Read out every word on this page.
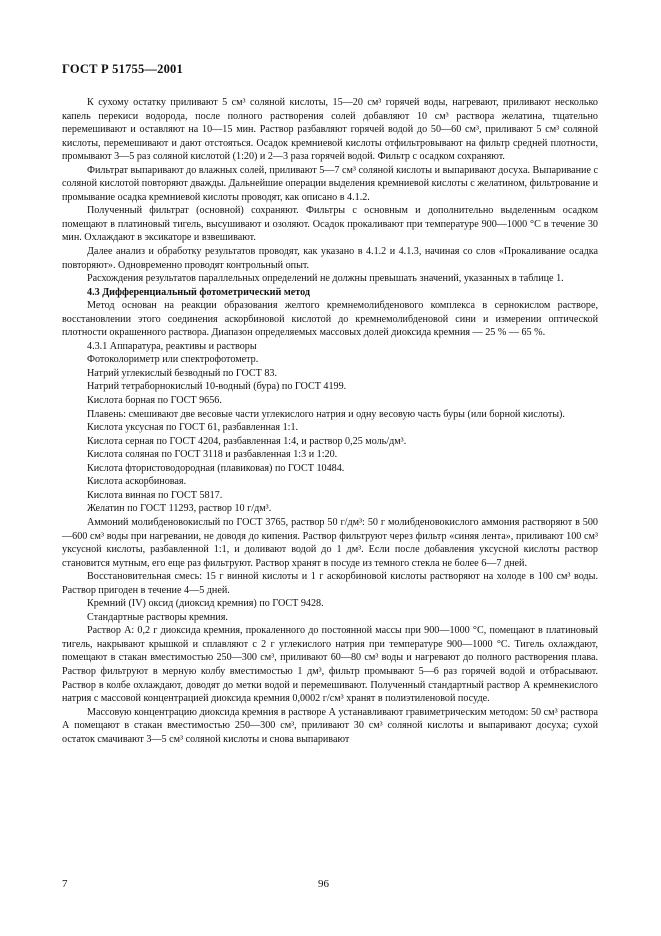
ГОСТ Р 51755—2001

К сухому остатку приливают 5 см³ соляной кислоты, 15—20 см³ горячей воды, нагревают, приливают несколько капель перекиси водорода, после полного растворения солей добавляют 10 см³ раствора желатина, тщательно перемешивают и оставляют на 10—15 мин. Раствор разбавляют горячей водой до 50—60 см³, приливают 5 см³ соляной кислоты, перемешивают и дают отстояться. Осадок кремниевой кислоты отфильтровывают на фильтр средней плотности, промывают 3—5 раз соляной кислотой (1:20) и 2—3 раза горячей водой. Фильтр с осадком сохраняют.

Фильтрат выпаривают до влажных солей, приливают 5—7 см³ соляной кислоты и выпаривают досуха. Выпаривание с соляной кислотой повторяют дважды. Дальнейшие операции выделения кремниевой кислоты с желатином, фильтрование и промывание осадка кремниевой кислоты проводят, как описано в 4.1.2.

Полученный фильтрат (основной) сохраняют. Фильтры с основным и дополнительно выделенным осадком помещают в платиновый тигель, высушивают и озоляют. Осадок прокаливают при температуре 900—1000 °С в течение 30 мин. Охлаждают в эксикаторе и взвешивают.

Далее анализ и обработку результатов проводят, как указано в 4.1.2 и 4.1.3, начиная со слов «Прокаливание осадка повторяют». Одновременно проводят контрольный опыт.

Расхождения результатов параллельных определений не должны превышать значений, указанных в таблице 1.

4.3 Дифференциальный фотометрический метод

Метод основан на реакции образования желтого кремнемолибденового комплекса в сернокислом растворе, восстановлении этого соединения аскорбиновой кислотой до кремнемолибденовой сини и измерении оптической плотности окрашенного раствора. Диапазон определяемых массовых долей диоксида кремния — 25 % — 65 %.

4.3.1 Аппаратура, реактивы и растворы

Фотоколориметр или спектрофотометр.

Натрий углекислый безводный по ГОСТ 83.

Натрий тетраборнокислый 10-водный (бура) по ГОСТ 4199.

Кислота борная по ГОСТ 9656.

Плавень: смешивают две весовые части углекислого натрия и одну весовую часть буры (или борной кислоты).

Кислота уксусная по ГОСТ 61, разбавленная 1:1.

Кислота серная по ГОСТ 4204, разбавленная 1:4, и раствор 0,25 моль/дм³.

Кислота соляная по ГОСТ 3118 и разбавленная 1:3 и 1:20.

Кислота фтористоводородная (плавиковая) по ГОСТ 10484.

Кислота аскорбиновая.

Кислота винная по ГОСТ 5817.

Желатин по ГОСТ 11293, раствор 10 г/дм³.

Аммоний молибденовокислый по ГОСТ 3765, раствор 50 г/дм³: 50 г молибденовокислого аммония растворяют в 500—600 см³ воды при нагревании, не доводя до кипения. Раствор фильтруют через фильтр «синяя лента», приливают 100 см³ уксусной кислоты, разбавленной 1:1, и доливают водой до 1 дм³. Если после добавления уксусной кислоты раствор становится мутным, его еще раз фильтруют. Раствор хранят в посуде из темного стекла не более 6—7 дней.

Восстановительная смесь: 15 г винной кислоты и 1 г аскорбиновой кислоты растворяют на холоде в 100 см³ воды. Раствор пригоден в течение 4—5 дней.

Кремний (IV) оксид (диоксид кремния) по ГОСТ 9428.

Стандартные растворы кремния.

Раствор А: 0,2 г диоксида кремния, прокаленного до постоянной массы при 900—1000 °С, помещают в платиновый тигель, накрывают крышкой и сплавляют с 2 г углекислого натрия при температуре 900—1000 °С. Тигель охлаждают, помещают в стакан вместимостью 250—300 см³, приливают 60—80 см³ воды и нагревают до полного растворения плава. Раствор фильтруют в мерную колбу вместимостью 1 дм³, фильтр промывают 5—6 раз горячей водой и отбрасывают. Раствор в колбе охлаждают, доводят до метки водой и перемешивают. Полученный стандартный раствор А кремнекислого натрия с массовой концентрацией диоксида кремния 0,0002 г/см³ хранят в полиэтиленовой посуде.

Массовую концентрацию диоксида кремния в растворе А устанавливают гравиметрическим методом: 50 см³ раствора А помещают в стакан вместимостью 250—300 см³, приливают 30 см³ соляной кислоты и выпаривают досуха; сухой остаток смачивают 3—5 см³ соляной кислоты и снова выпаривают

7	96
